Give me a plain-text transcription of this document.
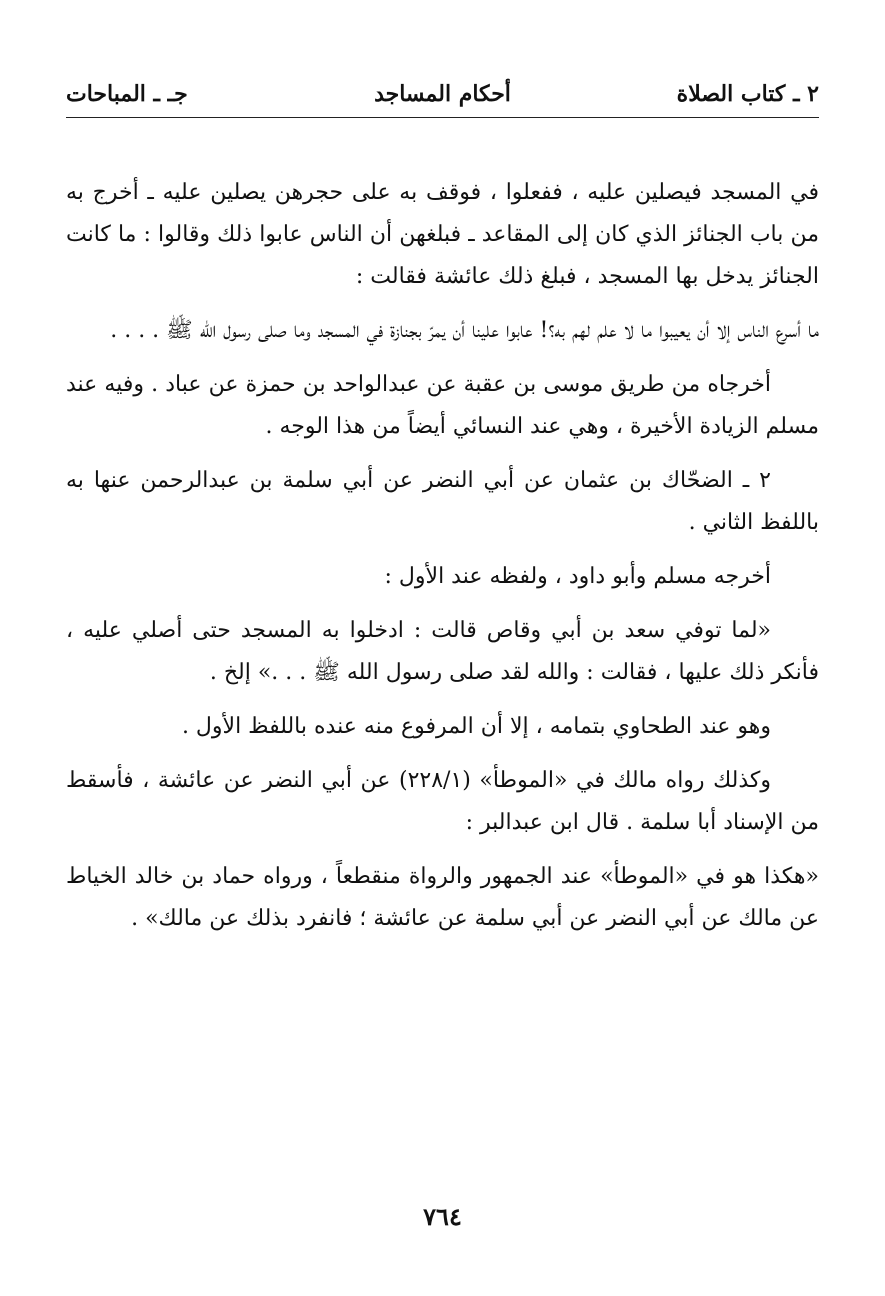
أحكام المساجد	٢ ـ كتاب الصلاة
جـ ـ المباحات

في المسجد فيصلين عليه ، ففعلوا ، فوقف به على حجرهن يصلين عليه ـ أخرج به من باب الجنائز الذي كان إلى المقاعد ـ فبلغهن أن الناس عابوا ذلك وقالوا : ما كانت الجنائز يدخل بها المسجد ، فبلغ ذلك عائشة فقالت :

ما أسرع الناس إلا أن يعيبوا ما لا علم لهم به؟! عابوا علينا أن يمرّ بجنازة في المسجد وما صلى رسول الله ﷺ . . . .

أخرجاه من طريق موسى بن عقبة عن عبدالواحد بن حمزة عن عباد . وفيه عند مسلم الزيادة الأخيرة ، وهي عند النسائي أيضاً من هذا الوجه .

٢ ـ الضحّاك بن عثمان عن أبي النضر عن أبي سلمة بن عبدالرحمن عنها به باللفظ الثاني .

أخرجه مسلم وأبو داود ، ولفظه عند الأول :

«لما توفي سعد بن أبي وقاص قالت : ادخلوا به المسجد حتى أصلي عليه ، فأنكر ذلك عليها ، فقالت : والله لقد صلى رسول الله ﷺ . . .» إلخ .

وهو عند الطحاوي بتمامه ، إلا أن المرفوع منه عنده باللفظ الأول .

وكذلك رواه مالك في «الموطأ» (٢٢٨/١) عن أبي النضر عن عائشة ، فأسقط من الإسناد أبا سلمة . قال ابن عبدالبر :

«هكذا هو في «الموطأ» عند الجمهور والرواة منقطعاً ، ورواه حماد بن خالد الخياط عن مالك عن أبي النضر عن أبي سلمة عن عائشة ؛ فانفرد بذلك عن مالك» .

٧٦٤
